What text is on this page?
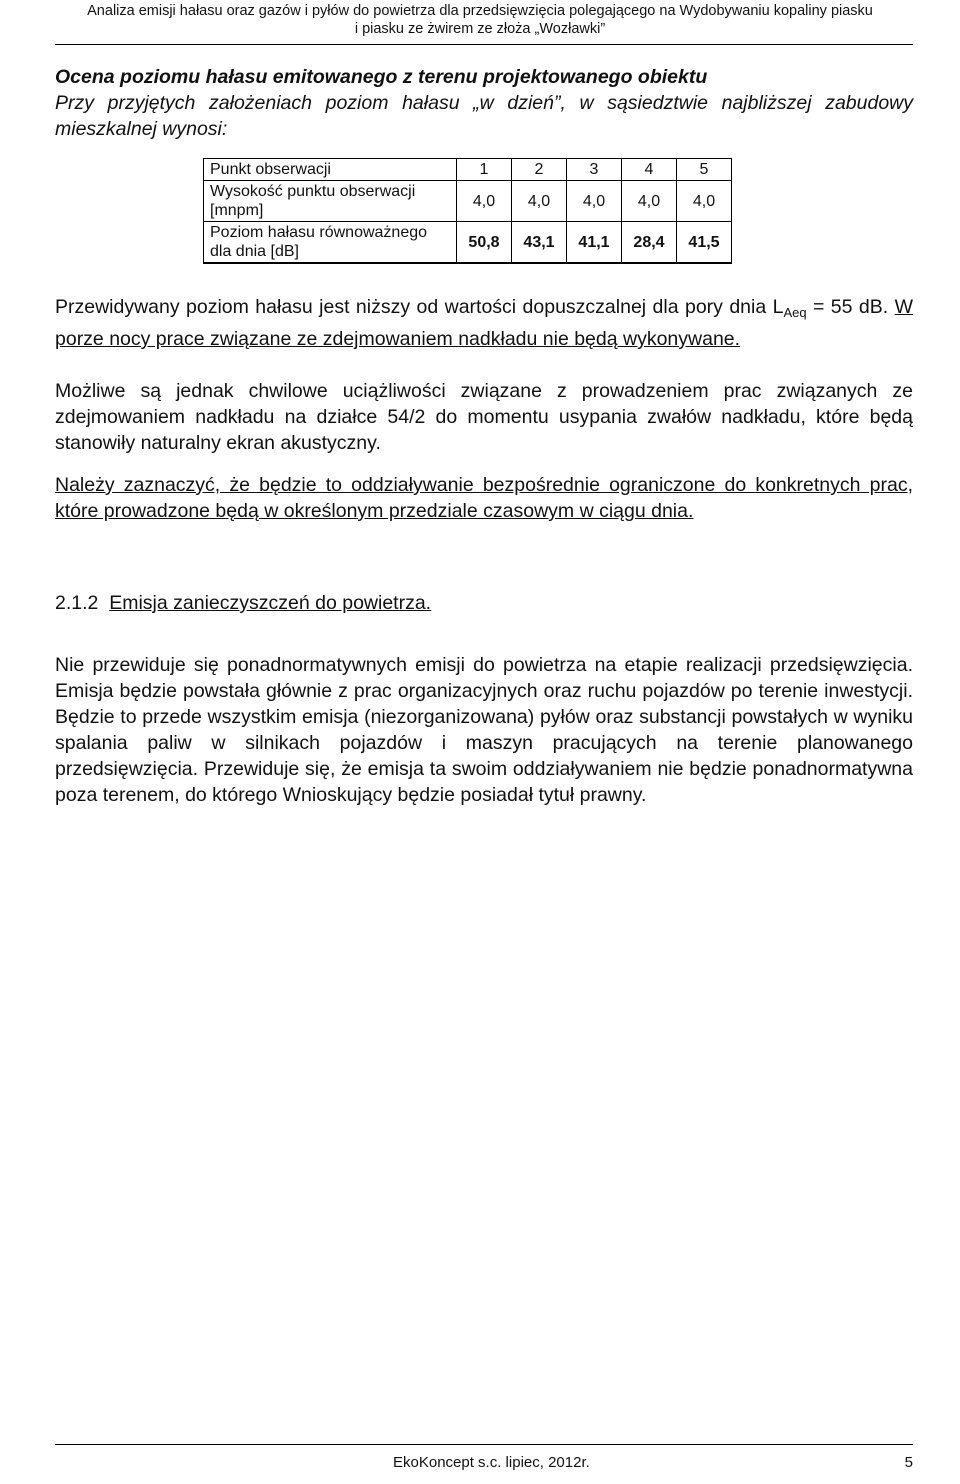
Analiza emisji hałasu oraz gazów i pyłów do powietrza dla przedsięwzięcia polegającego na Wydobywaniu kopaliny piasku
i piasku ze żwirem ze złoża „Wozławki”

Ocena poziomu hałasu emitowanego z terenu projektowanego obiektu

Przy przyjętych założeniach poziom hałasu „w dzień”, w sąsiedztwie najbliższej zabudowy mieszkalnej wynosi:

Punkt obserwacji	1	2	3	4	5
Wysokość punktu obserwacji [mnpm]	4,0	4,0	4,0	4,0	4,0
Poziom hałasu równoważnego dla dnia [dB]	50,8	43,1	41,1	28,4	41,5

Przewidywany poziom hałasu jest niższy od wartości dopuszczalnej dla pory dnia $L_{Aeq} = 55$ dB. W porze nocy prace związane ze zdejmowaniem nadkładu nie będą wykonywane.

Możliwe są jednak chwilowe uciążliwości związane z prowadzeniem prac związanych ze zdejmowaniem nadkładu na działce 54/2 do momentu usypania zwałów nadkładu, które będą stanowiły naturalny ekran akustyczny.

Należy zaznaczyć, że będzie to oddziaływanie bezpośrednie ograniczone do konkretnych prac, które prowadzone będą w określonym przedziale czasowym w ciągu dnia.

2.1.2 Emisja zanieczyszczeń do powietrza.

Nie przewiduje się ponadnormatywnych emisji do powietrza na etapie realizacji przedsięwzięcia. Emisja będzie powstała głównie z prac organizacyjnych oraz ruchu pojazdów po terenie inwestycji. Będzie to przede wszystkim emisja (niezorganizowana) pyłów oraz substancji powstałych w wyniku spalania paliw w silnikach pojazdów i maszyn pracujących na terenie planowanego przedsięwzięcia. Przewiduje się, że emisja ta swoim oddziaływaniem nie będzie ponadnormatywna poza terenem, do którego Wnioskujący będzie posiadał tytuł prawny.

EkoKoncept s.c. lipiec, 2012r.	5
